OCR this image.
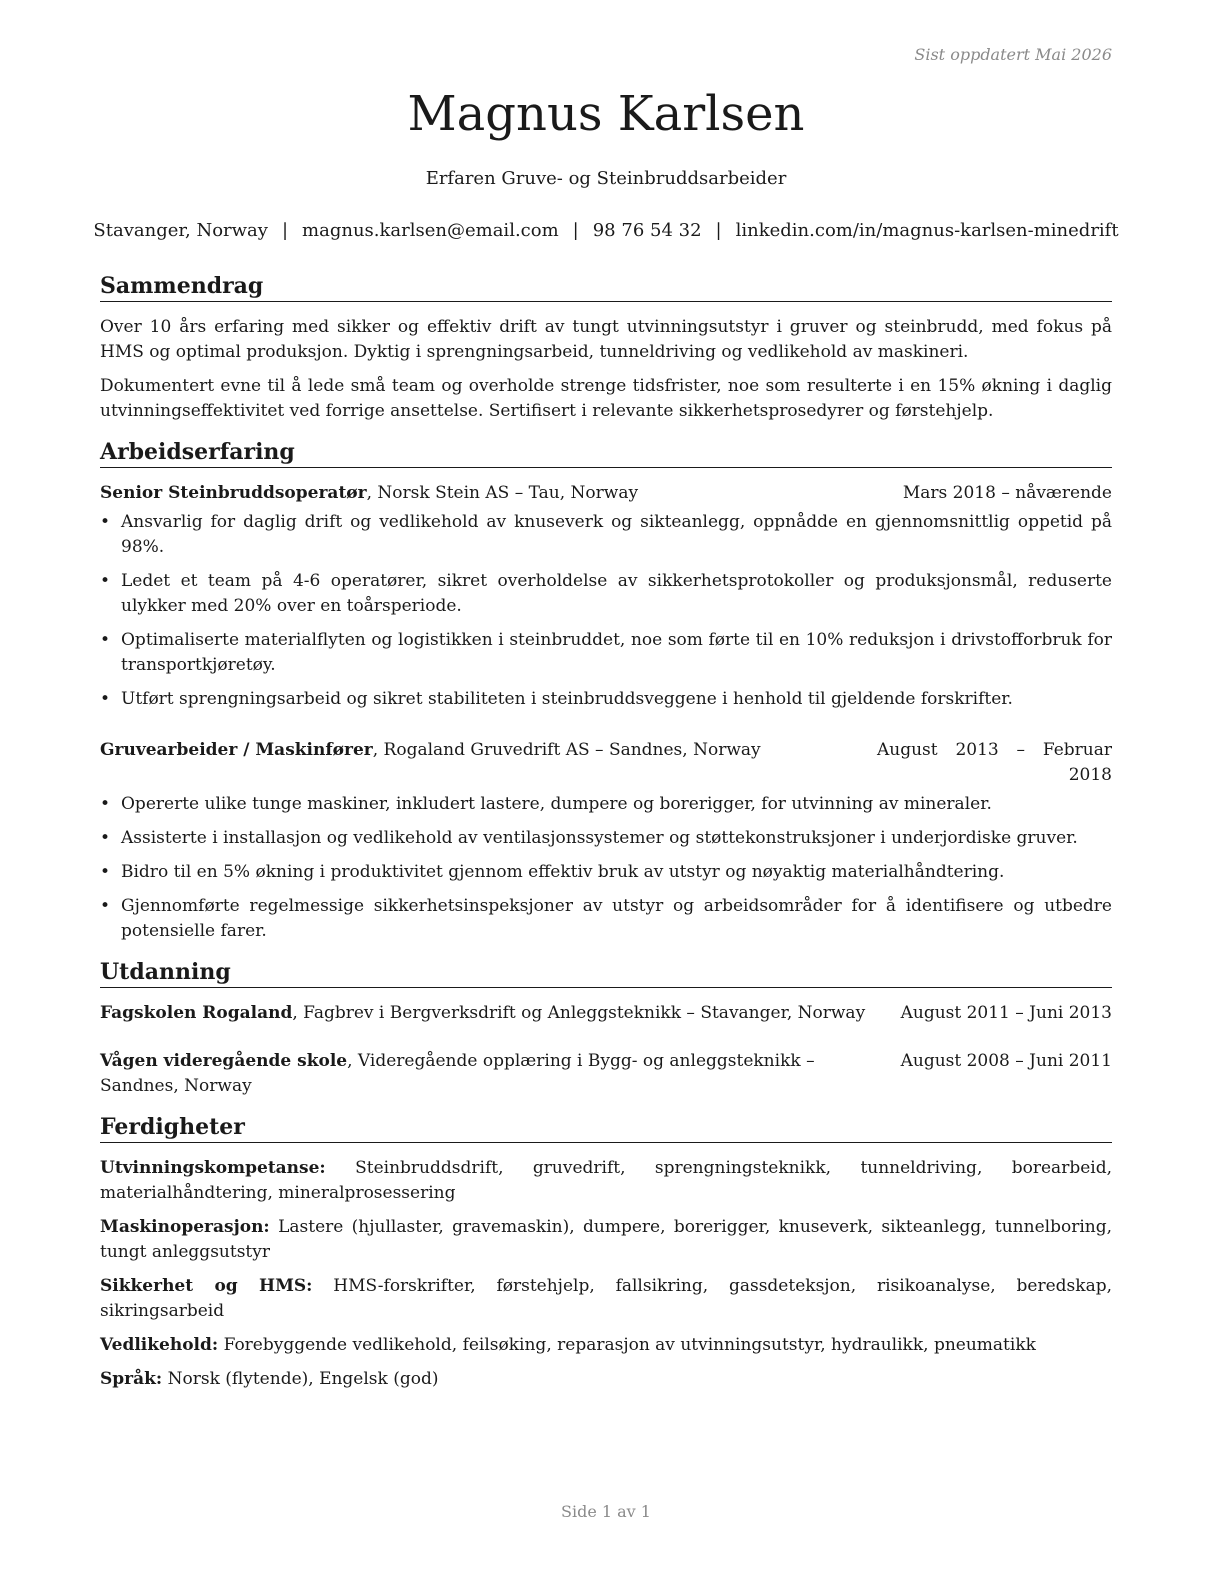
Sist oppdatert Mai 2026
Magnus Karlsen
Erfaren Gruve- og Steinbruddsarbeider
Stavanger, Norway | magnus.karlsen@email.com | 98 76 54 32 | linkedin.com/in/magnus-karlsen-minedrift
Sammendrag

Over 10 års erfaring med sikker og effektiv drift av tungt utvinningsutstyr i gruver og steinbrudd, med fokus på HMS og optimal produksjon. Dyktig i sprengningsarbeid, tunneldriving og vedlikehold av maskineri.

Dokumentert evne til å lede små team og overholde strenge tidsfrister, noe som resulterte i en 15% økning i daglig utvinningseffektivitet ved forrige ansettelse. Sertifisert i relevante sikkerhetsprosedyrer og førstehjelp.

Arbeidserfaring
Senior Steinbruddsoperatør, Norsk Stein AS – Tau, Norway	Mars 2018 – nåværende
• Ansvarlig for daglig drift og vedlikehold av knuseverk og sikteanlegg, oppnådde en gjennomsnittlig oppetid på 98%.
• Ledet et team på 4-6 operatører, sikret overholdelse av sikkerhetsprotokoller og produksjonsmål, reduserte ulykker med 20% over en toårsperiode.
• Optimaliserte materialflyten og logistikken i steinbruddet, noe som førte til en 10% reduksjon i drivstofforbruk for transportkjøretøy.
• Utført sprengningsarbeid og sikret stabiliteten i steinbruddsveggene i henhold til gjeldende forskrifter.
Gruvearbeider / Maskinfører, Rogaland Gruvedrift AS – Sandnes, Norway	August 2013 – Februar 2018
• Opererte ulike tunge maskiner, inkludert lastere, dumpere og borerigger, for utvinning av mineraler.
• Assisterte i installasjon og vedlikehold av ventilasjonssystemer og støttekonstruksjoner i underjordiske gruver.
• Bidro til en 5% økning i produktivitet gjennom effektiv bruk av utstyr og nøyaktig materialhåndtering.
• Gjennomførte regelmessige sikkerhetsinspeksjoner av utstyr og arbeidsområder for å identifisere og utbedre potensielle farer.
Utdanning
Fagskolen Rogaland, Fagbrev i Bergverksdrift og Anleggsteknikk – Stavanger, Norway	August 2011 – Juni 2013
Vågen videregående skole, Videregående opplæring i Bygg- og anleggsteknikk – Sandnes, Norway
August 2008 – Juni 2011
Ferdigheter

Utvinningskompetanse: Steinbruddsdrift, gruvedrift, sprengningsteknikk, tunneldriving, borearbeid, materialhåndtering, mineralprosessering

Maskinoperasjon: Lastere (hjullaster, gravemaskin), dumpere, borerigger, knuseverk, sikteanlegg, tunnelboring, tungt anleggsutstyr

Sikkerhet og HMS: HMS-forskrifter, førstehjelp, fallsikring, gassdeteksjon, risikoanalyse, beredskap, sikringsarbeid

Vedlikehold: Forebyggende vedlikehold, feilsøking, reparasjon av utvinningsutstyr, hydraulikk, pneumatikk

Språk: Norsk (flytende), Engelsk (god)

Side 1 av 1
